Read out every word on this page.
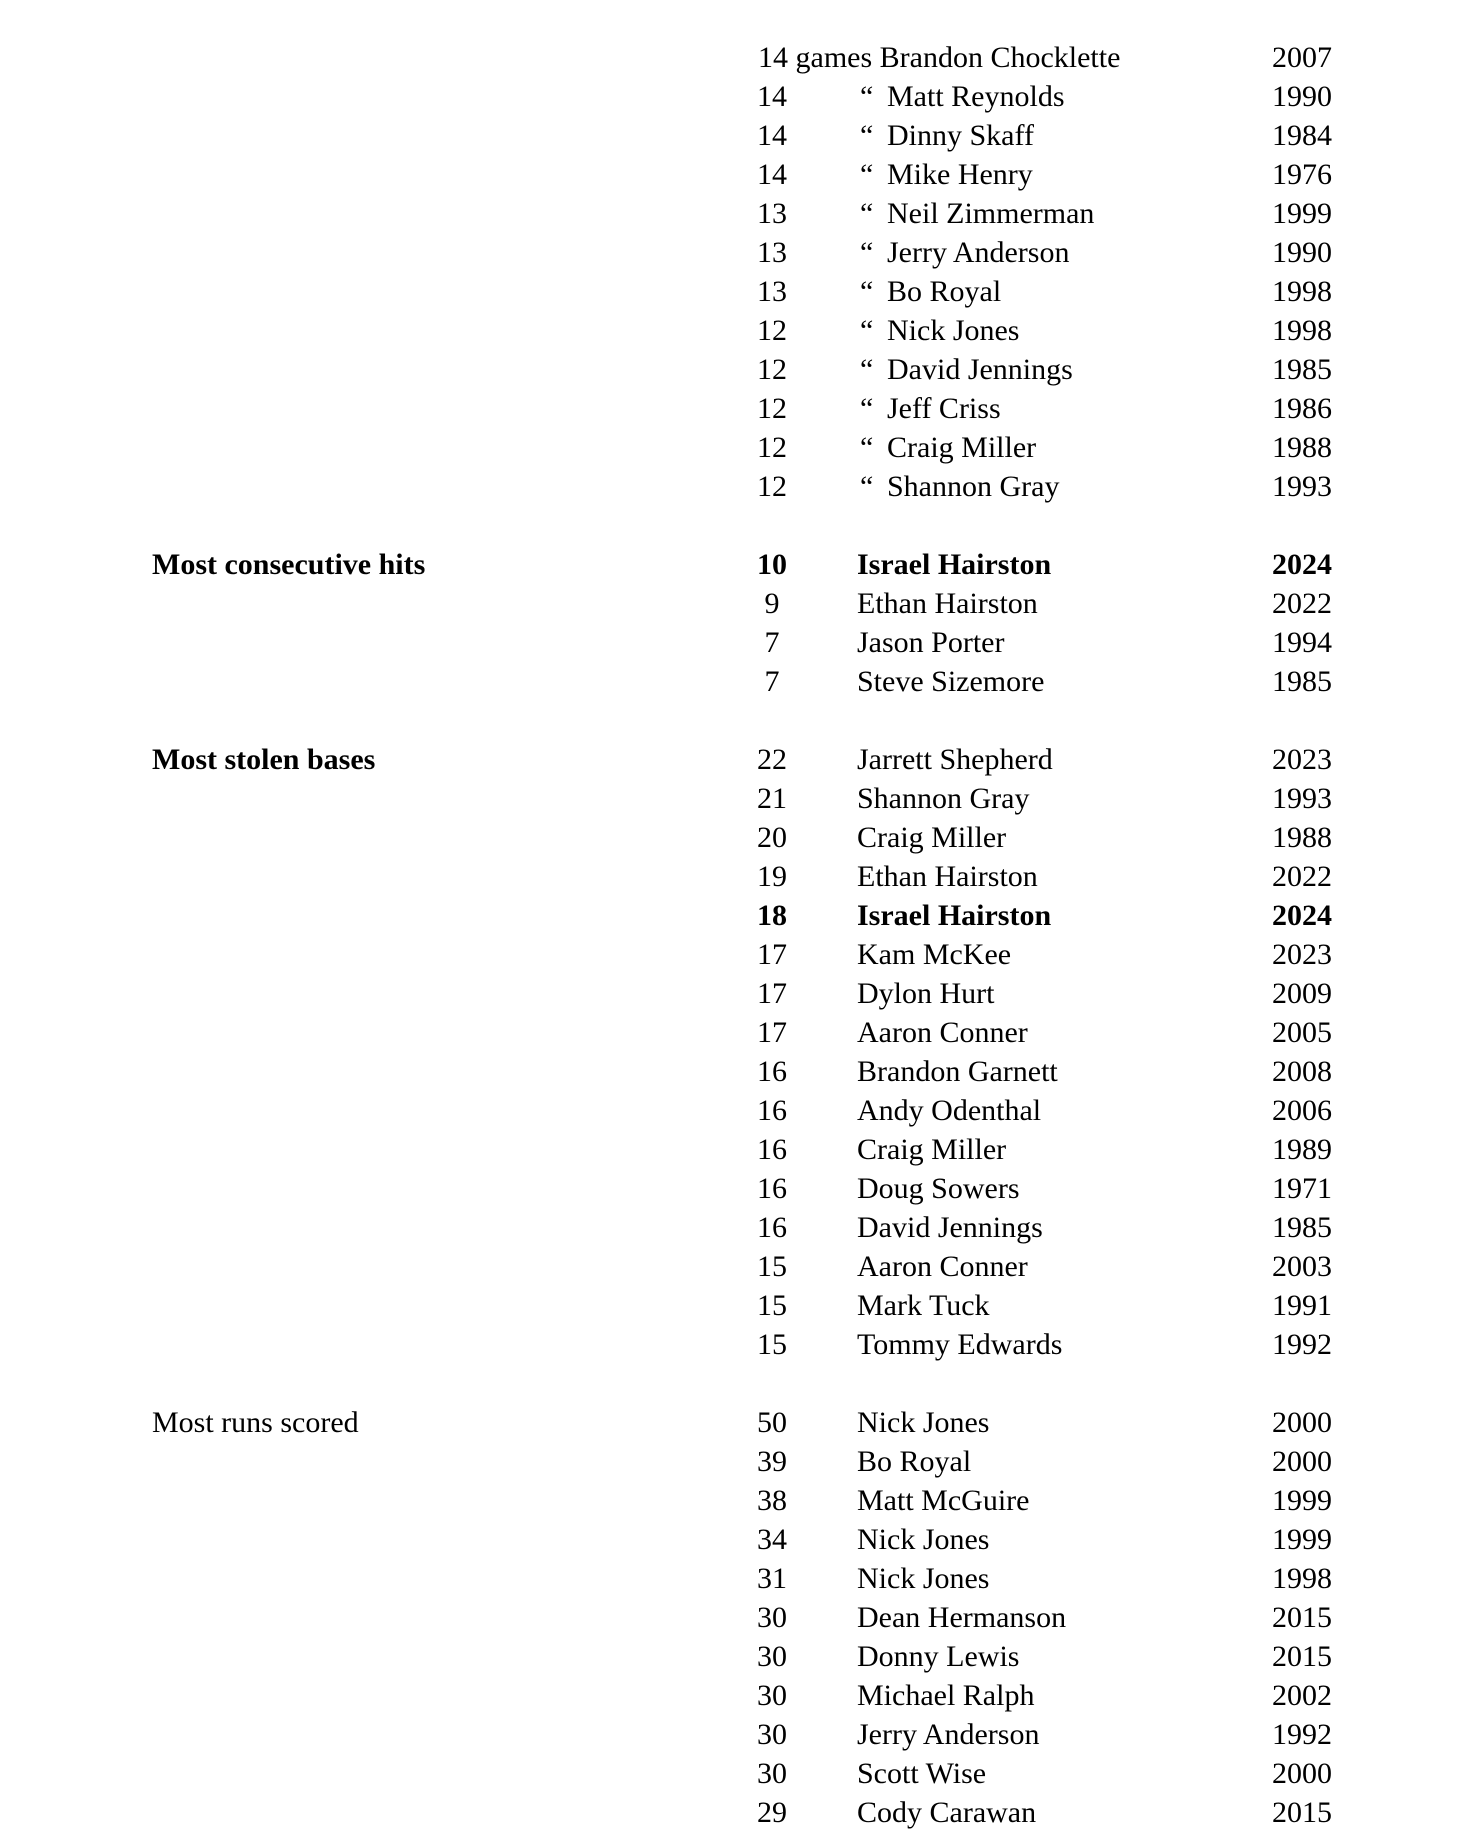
14 games Brandon Chocklette	2007
14	“ Matt Reynolds	1990
14	“ Dinny Skaff	1984
14	“ Mike Henry	1976
13	“ Neil Zimmerman	1999
13	“ Jerry Anderson	1990
13	“ Bo Royal	1998
12	“ Nick Jones	1998
12	“ David Jennings	1985
12	“ Jeff Criss	1986
12	“ Craig Miller	1988
12	“ Shannon Gray	1993
Most consecutive hits	10	Israel Hairston	2024
9	Ethan Hairston	2022
7	Jason Porter	1994
7	Steve Sizemore	1985
Most stolen bases	22	Jarrett Shepherd	2023
21	Shannon Gray	1993
20	Craig Miller	1988
19	Ethan Hairston	2022
18	Israel Hairston	2024
17	Kam McKee	2023
17	Dylon Hurt	2009
17	Aaron Conner	2005
16	Brandon Garnett	2008
16	Andy Odenthal	2006
16	Craig Miller	1989
16	Doug Sowers	1971
16	David Jennings	1985
15	Aaron Conner	2003
15	Mark Tuck	1991
15	Tommy Edwards	1992
Most runs scored	50	Nick Jones	2000
39	Bo Royal	2000
38	Matt McGuire	1999
34	Nick Jones	1999
31	Nick Jones	1998
30	Dean Hermanson	2015
30	Donny Lewis	2015
30	Michael Ralph	2002
30	Jerry Anderson	1992
30	Scott Wise	2000
29	Cody Carawan	2015
